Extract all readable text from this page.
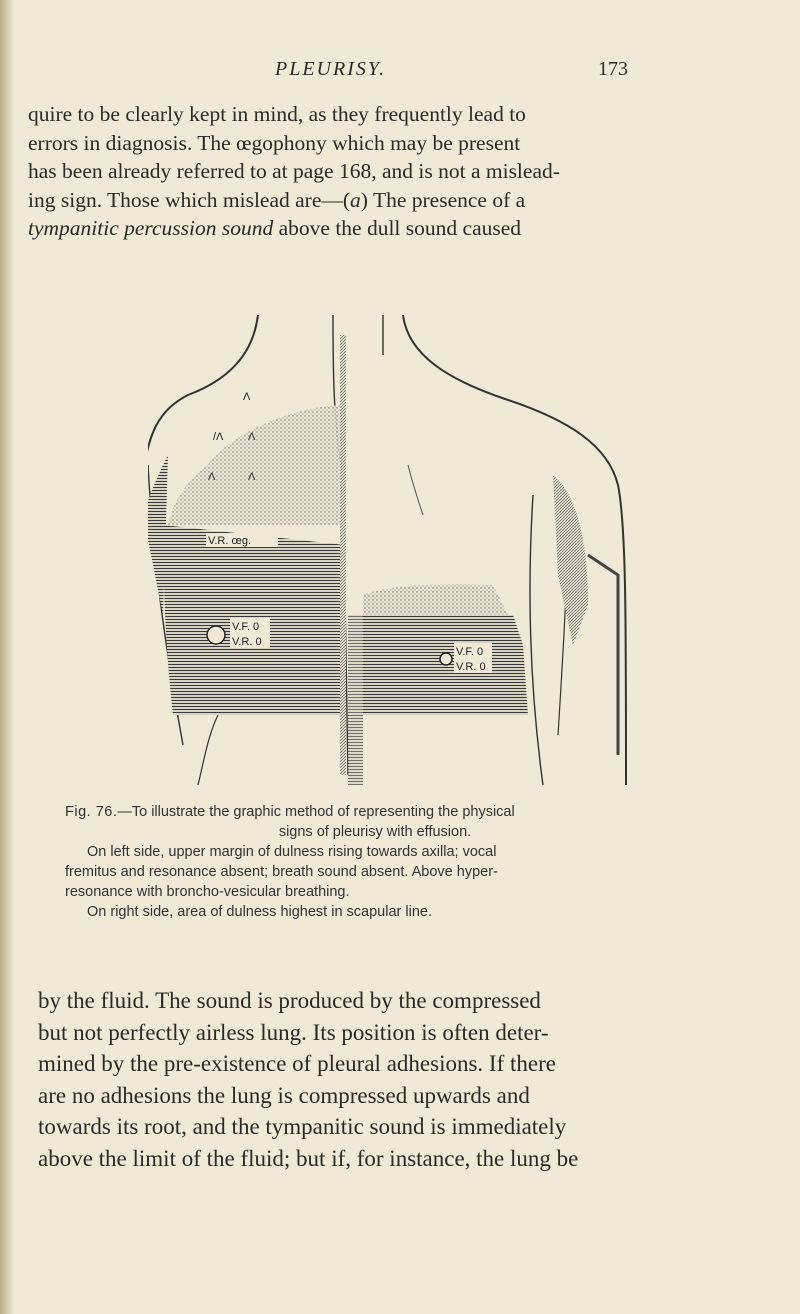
PLEURISY.	173
quire to be clearly kept in mind, as they frequently lead to
errors in diagnosis. The œgophony which may be present
has been already referred to at page 168, and is not a mislead-
ing sign. Those which mislead are—(a) The presence of a
tympanitic percussion sound above the dull sound caused
Λ
/Λ Λ
Λ
Λ
V.R. œg.
V.F. 0
V.R. 0
V.F. 0
V.R. 0
Fig. 76.—To illustrate the graphic method of representing the physical
signs of pleurisy with effusion.
On left side, upper margin of dulness rising towards axilla; vocal
fremitus and resonance absent; breath sound absent. Above hyper-
resonance with broncho-vesicular breathing.
On right side, area of dulness highest in scapular line.
by the fluid. The sound is produced by the compressed
but not perfectly airless lung. Its position is often deter-
mined by the pre-existence of pleural adhesions. If there
are no adhesions the lung is compressed upwards and
towards its root, and the tympanitic sound is immediately
above the limit of the fluid; but if, for instance, the lung be
